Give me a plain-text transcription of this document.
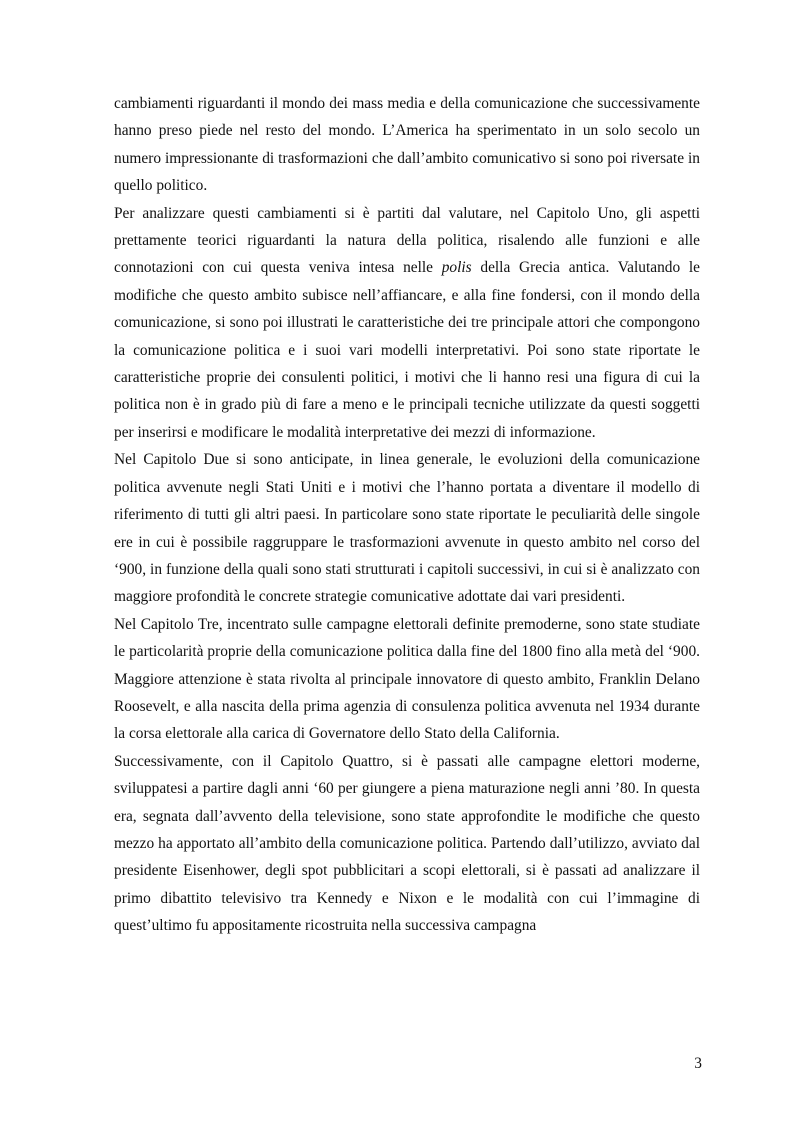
cambiamenti riguardanti il mondo dei mass media e della comunicazione che successivamente hanno preso piede nel resto del mondo. L’America ha sperimentato in un solo secolo un numero impressionante di trasformazioni che dall’ambito comunicativo si sono poi riversate in quello politico.

Per analizzare questi cambiamenti si è partiti dal valutare, nel Capitolo Uno, gli aspetti prettamente teorici riguardanti la natura della politica, risalendo alle funzioni e alle connotazioni con cui questa veniva intesa nelle polis della Grecia antica. Valutando le modifiche che questo ambito subisce nell’affiancare, e alla fine fondersi, con il mondo della comunicazione, si sono poi illustrati le caratteristiche dei tre principale attori che compongono la comunicazione politica e i suoi vari modelli interpretativi. Poi sono state riportate le caratteristiche proprie dei consulenti politici, i motivi che li hanno resi una figura di cui la politica non è in grado più di fare a meno e le principali tecniche utilizzate da questi soggetti per inserirsi e modificare le modalità interpretative dei mezzi di informazione.

Nel Capitolo Due si sono anticipate, in linea generale, le evoluzioni della comunicazione politica avvenute negli Stati Uniti e i motivi che l’hanno portata a diventare il modello di riferimento di tutti gli altri paesi. In particolare sono state riportate le peculiarità delle singole ere in cui è possibile raggruppare le trasformazioni avvenute in questo ambito nel corso del ‘900, in funzione della quali sono stati strutturati i capitoli successivi, in cui si è analizzato con maggiore profondità le concrete strategie comunicative adottate dai vari presidenti.

Nel Capitolo Tre, incentrato sulle campagne elettorali definite premoderne, sono state studiate le particolarità proprie della comunicazione politica dalla fine del 1800 fino alla metà del ‘900. Maggiore attenzione è stata rivolta al principale innovatore di questo ambito, Franklin Delano Roosevelt, e alla nascita della prima agenzia di consulenza politica avvenuta nel 1934 durante la corsa elettorale alla carica di Governatore dello Stato della California.

Successivamente, con il Capitolo Quattro, si è passati alle campagne elettori moderne, sviluppatesi a partire dagli anni ‘60 per giungere a piena maturazione negli anni ’80. In questa era, segnata dall’avvento della televisione, sono state approfondite le modifiche che questo mezzo ha apportato all’ambito della comunicazione politica. Partendo dall’utilizzo, avviato dal presidente Eisenhower, degli spot pubblicitari a scopi elettorali, si è passati ad analizzare il primo dibattito televisivo tra Kennedy e Nixon e le modalità con cui l’immagine di quest’ultimo fu appositamente ricostruita nella successiva campagna

3
